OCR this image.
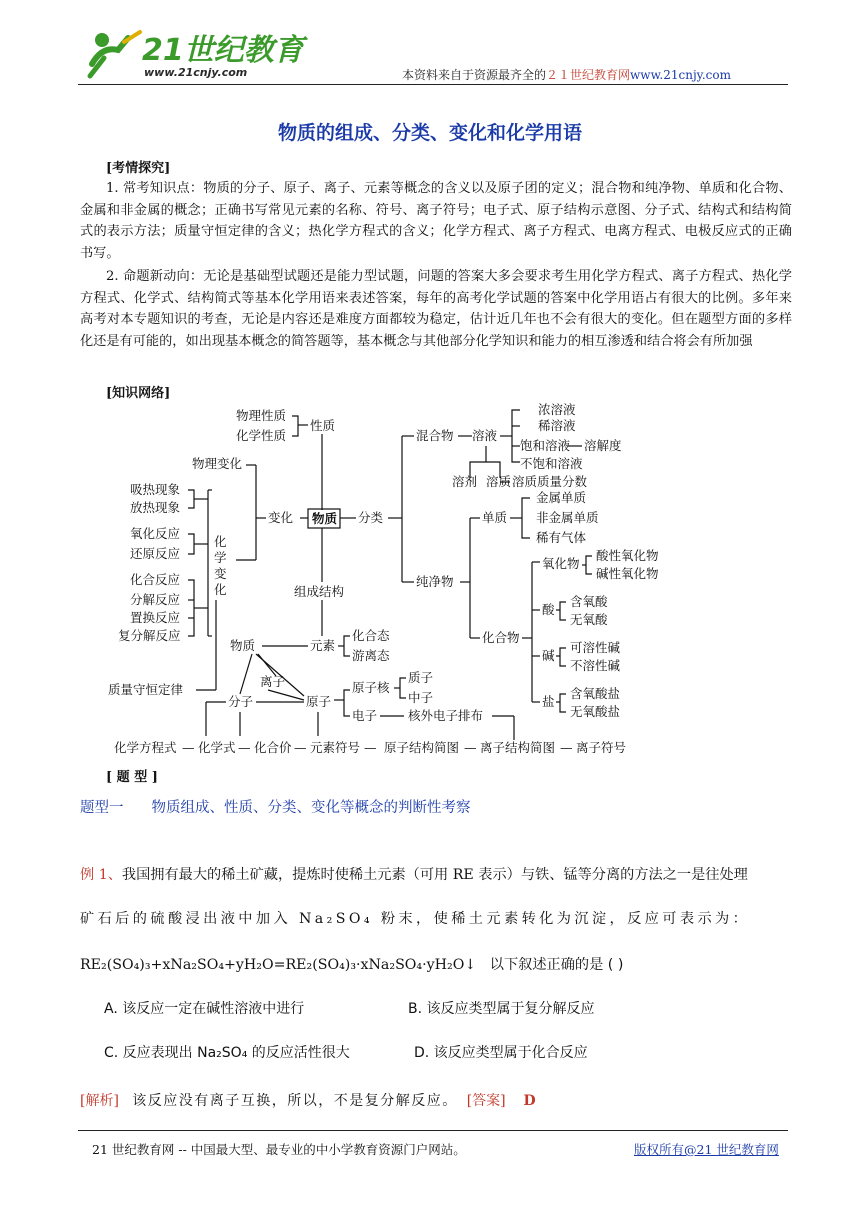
21世纪教育
www.21cnjy.com	本资料来自于资源最齐全的２１世纪教育网www.21cnjy.com
物质的组成、分类、变化和化学用语
[考情探究]

1. 常考知识点：物质的分子、原子、离子、元素等概念的含义以及原子团的定义；混合物和纯净物、单质和化合物、金属和非金属的概念；正确书写常见元素的名称、符号、离子符号；电子式、原子结构示意图、分子式、结构式和结构简式的表示方法；质量守恒定律的含义；热化学方程式的含义；化学方程式、离子方程式、电离方程式、电极反应式的正确书写。

2. 命题新动向：无论是基础型试题还是能力型试题，问题的答案大多会要求考生用化学方程式、离子方程式、热化学方程式、化学式、结构简式等基本化学用语来表述答案，每年的高考化学试题的答案中化学用语占有很大的比例。多年来高考对本专题知识的考查，无论是内容还是难度方面都较为稳定，估计近几年也不会有很大的变化。但在题型方面的多样化还是有可能的，如出现基本概念的简答题等，基本概念与其他部分化学知识和能力的相互渗透和结合将会有所加强

[知识网络]
物理性质
化学性质
性质
物理变化
变化 物质 分类
吸热现象
放热现象
氧化反应
还原反应
化
学
变
化
化合反应
分解反应
置换反应
复分解反应
质量守恒定律
组成结构
混合物 溶液
浓溶液
稀溶液
饱和溶液 溶解度
不饱和溶液
溶剂 溶质 溶质质量分数
纯净物
单质
金属单质
非金属单质
稀有气体
化合物
氧化物
酸性氧化物
碱性氧化物
酸
含氧酸
无氧酸
碱
可溶性碱
不溶性碱
盐
含氧酸盐
无氧酸盐
物质	元素
化合态
游离态
离子
分子	原子
原子核
质子
中子
电子 核外电子排布
化学方程式 — 化学式 — 化合价 — 元素符号 — 原子结构简图 — 离子结构简图 — 离子符号
[ 题 型 ]
题型一 物质组成、性质、分类、变化等概念的判断性考察
例 1、我国拥有最大的稀土矿藏，提炼时使稀土元素（可用 RE 表示）与铁、锰等分离的方法之一是往处理
矿石后的硫酸浸出液中加入 Na₂SO₄ 粉末，使稀土元素转化为沉淀，反应可表示为：
RE₂(SO₄)₃+xNa₂SO₄+yH₂O=RE₂(SO₄)₃·xNa₂SO₄·yH₂O↓ 以下叙述正确的是 ( )
A. 该反应一定在碱性溶液中进行	B. 该反应类型属于复分解反应
C. 反应表现出 Na₂SO₄ 的反应活性很大	D. 该反应类型属于化合反应
[解析] 该反应没有离子互换，所以，不是复分解反应。 [答案] D
21 世纪教育网 -- 中国最大型、最专业的中小学教育资源门户网站。	版权所有@21 世纪教育网
